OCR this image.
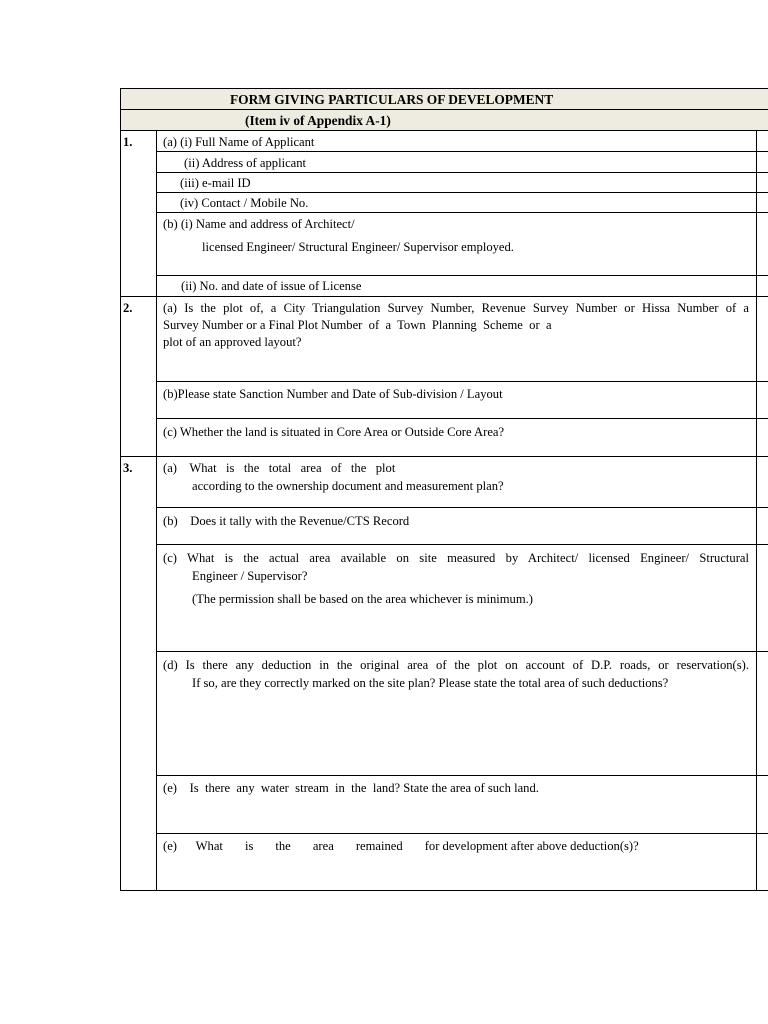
FORM GIVING PARTICULARS OF DEVELOPMENT
(Item iv of Appendix A-1)
1.
2.
3.
(a) (i) Full Name of Applicant
(ii) Address of applicant
(iii) e-mail ID
(iv) Contact / Mobile No.
(b) (i) Name and address of Architect/
licensed Engineer/ Structural Engineer/ Supervisor employed.
(ii) No. and date of issue of License
(a) Is the plot of, a City Triangulation Survey Number, Revenue Survey Number or Hissa Number of a
Survey Number or a Final Plot Number  of  a  Town  Planning  Scheme  or  a
plot of an approved layout?
(b)Please state Sanction Number and Date of Sub-division / Layout
(c) Whether the land is situated in Core Area or Outside Core Area?
(a)    What   is   the   total   area   of   the   plot
according to the ownership document and measurement plan?
(b)    Does it tally with the Revenue/CTS Record
(c) What is the actual area available on site measured by Architect/ licensed Engineer/ Structural
Engineer / Supervisor?
(The permission shall be based on the area whichever is minimum.)
(d) Is there any deduction in the original area of the plot on account of D.P. roads, or reservation(s).
If so, are they correctly marked on the site plan? Please state the total area of such deductions?
(e)    Is  there  any  water  stream  in  the  land? State the area of such land.
(e)      What       is       the       area       remained       for development after above deduction(s)?
